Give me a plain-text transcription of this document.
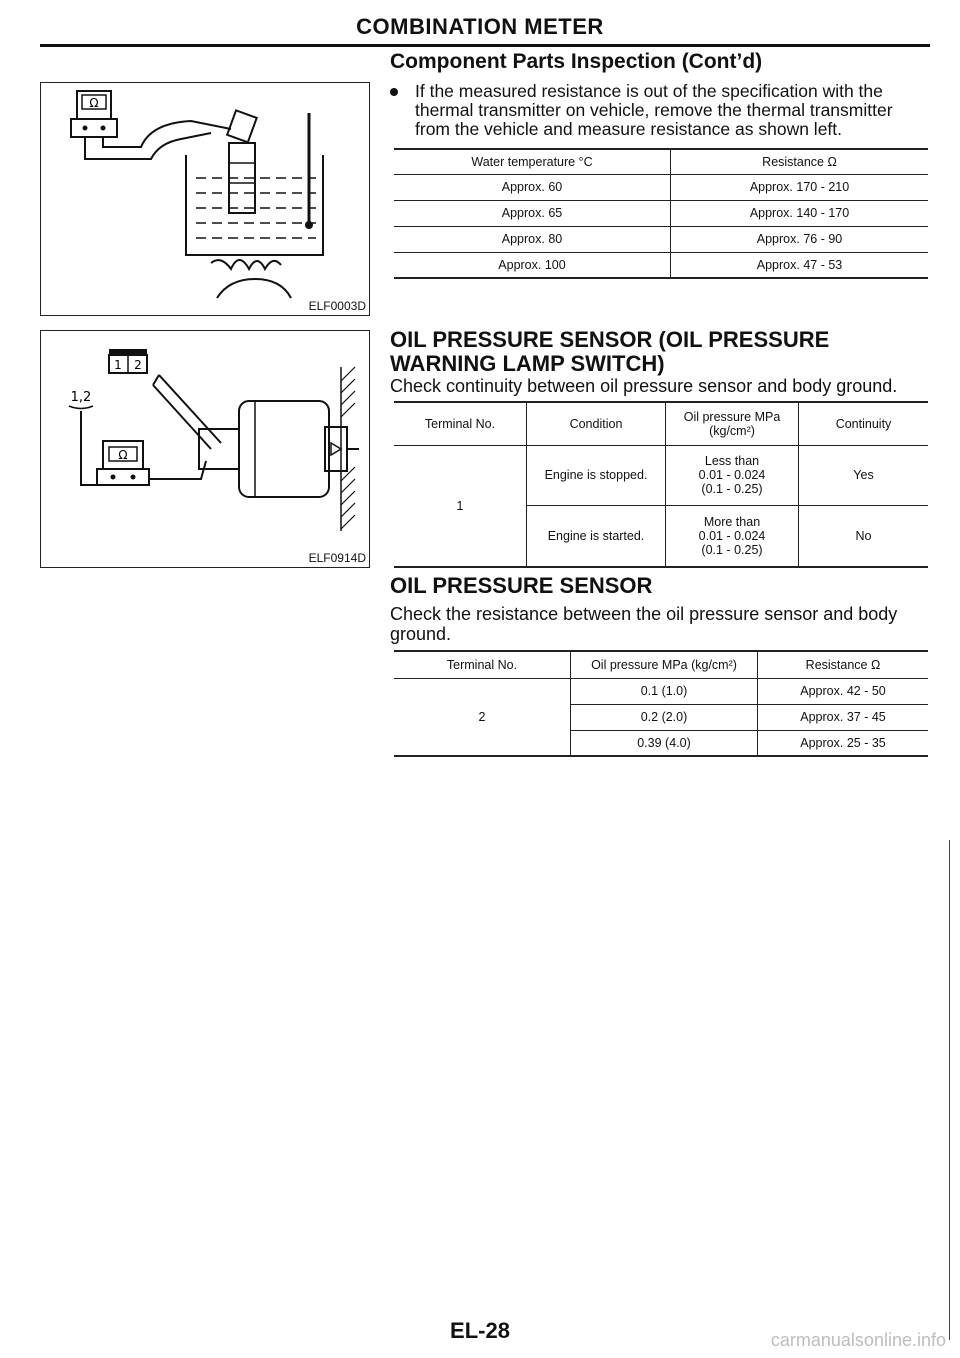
COMBINATION METER
Ω
ELF0003D
1 2
1,2
Ω
ELF0914D
Component Parts Inspection (Cont’d)
If the measured resistance is out of the specification with the thermal transmitter on vehicle, remove the thermal transmitter from the vehicle and measure resistance as shown left.
Water temperature °C	Resistance Ω
Approx. 60	Approx. 170 - 210
Approx. 65	Approx. 140 - 170
Approx. 80	Approx. 76 - 90
Approx. 100	Approx. 47 - 53
OIL PRESSURE SENSOR (OIL PRESSURE WARNING LAMP SWITCH)
Check continuity between oil pressure sensor and body ground.
Terminal No.	Condition	Oil pressure MPa (kg/cm²)	Continuity
1	Engine is stopped.	Less than
0.01 - 0.024
(0.1 - 0.25)	Yes
	Engine is started.	More than
0.01 - 0.024
(0.1 - 0.25)	No
OIL PRESSURE SENSOR
Check the resistance between the oil pressure sensor and body ground.
Terminal No.	Oil pressure MPa (kg/cm²)	Resistance Ω
2	0.1 (1.0)	Approx. 42 - 50
	0.2 (2.0)	Approx. 37 - 45
	0.39 (4.0)	Approx. 25 - 35
EL-28	carmanualsonline.info
